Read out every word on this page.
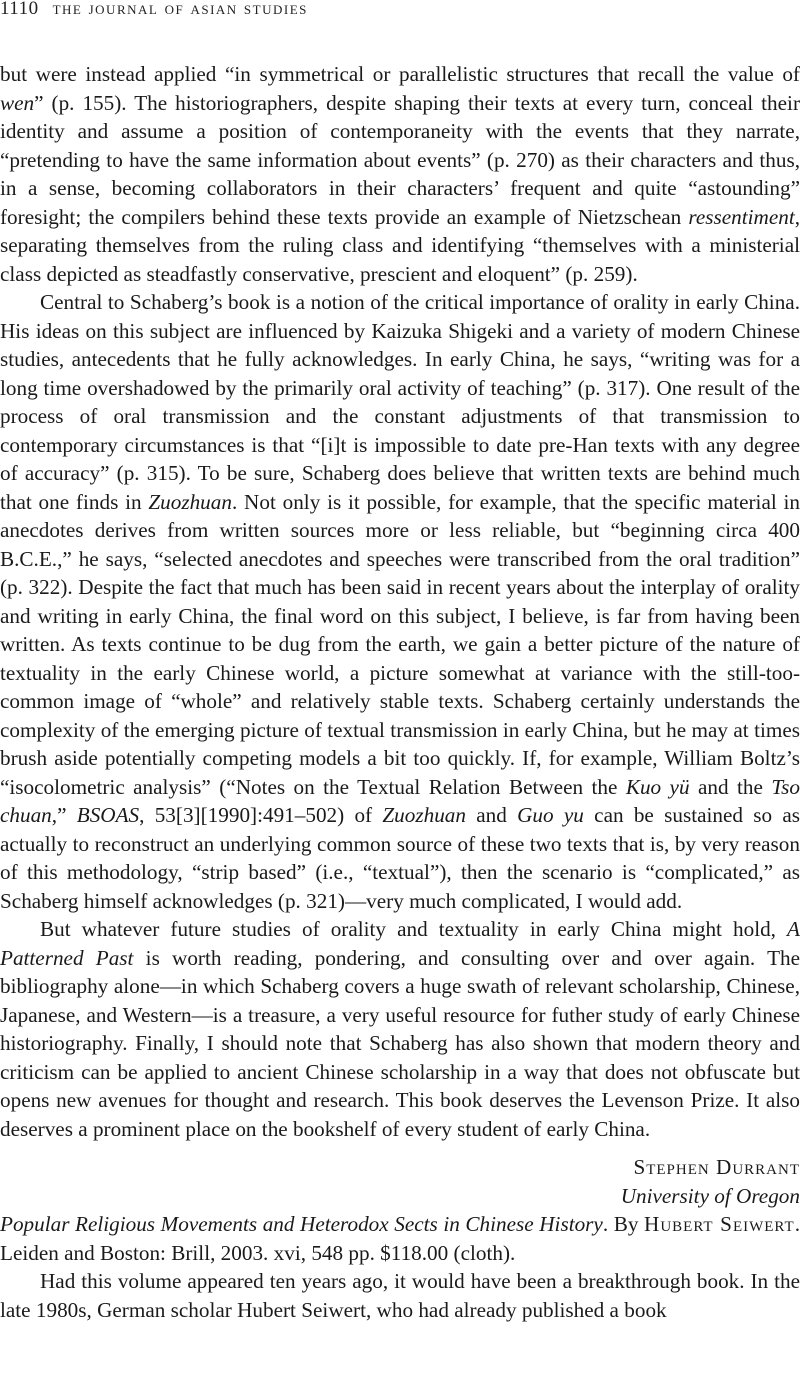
1110 the journal of asian studies

but were instead applied “in symmetrical or parallelistic structures that recall the value of wen” (p. 155). The historiographers, despite shaping their texts at every turn, conceal their identity and assume a position of contemporaneity with the events that they narrate, “pretending to have the same information about events” (p. 270) as their characters and thus, in a sense, becoming collaborators in their characters’ frequent and quite “astounding” foresight; the compilers behind these texts provide an example of Nietzschean ressentiment, separating themselves from the ruling class and identifying “themselves with a ministerial class depicted as steadfastly conservative, prescient and eloquent” (p. 259).

Central to Schaberg’s book is a notion of the critical importance of orality in early China. His ideas on this subject are influenced by Kaizuka Shigeki and a variety of modern Chinese studies, antecedents that he fully acknowledges. In early China, he says, “writing was for a long time overshadowed by the primarily oral activity of teaching” (p. 317). One result of the process of oral transmission and the constant adjustments of that transmission to contemporary circumstances is that “[i]t is impossible to date pre-Han texts with any degree of accuracy” (p. 315). To be sure, Schaberg does believe that written texts are behind much that one finds in Zuozhuan. Not only is it possible, for example, that the specific material in anecdotes derives from written sources more or less reliable, but “beginning circa 400 B.C.E.,” he says, “selected anecdotes and speeches were transcribed from the oral tradition” (p. 322). Despite the fact that much has been said in recent years about the interplay of orality and writing in early China, the final word on this subject, I believe, is far from having been written. As texts continue to be dug from the earth, we gain a better picture of the nature of textuality in the early Chinese world, a picture somewhat at variance with the still-too-common image of “whole” and relatively stable texts. Schaberg certainly understands the complexity of the emerging picture of textual transmission in early China, but he may at times brush aside potentially competing models a bit too quickly. If, for example, William Boltz’s “isocolometric analysis” (“Notes on the Textual Relation Between the Kuo yü and the Tso chuan,” BSOAS, 53[3][1990]:491–502) of Zuozhuan and Guo yu can be sustained so as actually to reconstruct an underlying common source of these two texts that is, by very reason of this methodology, “strip based” (i.e., “textual”), then the scenario is “complicated,” as Schaberg himself acknowledges (p. 321)—very much complicated, I would add.

But whatever future studies of orality and textuality in early China might hold, A Patterned Past is worth reading, pondering, and consulting over and over again. The bibliography alone—in which Schaberg covers a huge swath of relevant scholarship, Chinese, Japanese, and Western—is a treasure, a very useful resource for futher study of early Chinese historiography. Finally, I should note that Schaberg has also shown that modern theory and criticism can be applied to ancient Chinese scholarship in a way that does not obfuscate but opens new avenues for thought and research. This book deserves the Levenson Prize. It also deserves a prominent place on the bookshelf of every student of early China.

Stephen Durrant
University of Oregon

Popular Religious Movements and Heterodox Sects in Chinese History. By Hubert Seiwert. Leiden and Boston: Brill, 2003. xvi, 548 pp. $118.00 (cloth).

Had this volume appeared ten years ago, it would have been a breakthrough book. In the late 1980s, German scholar Hubert Seiwert, who had already published a book
